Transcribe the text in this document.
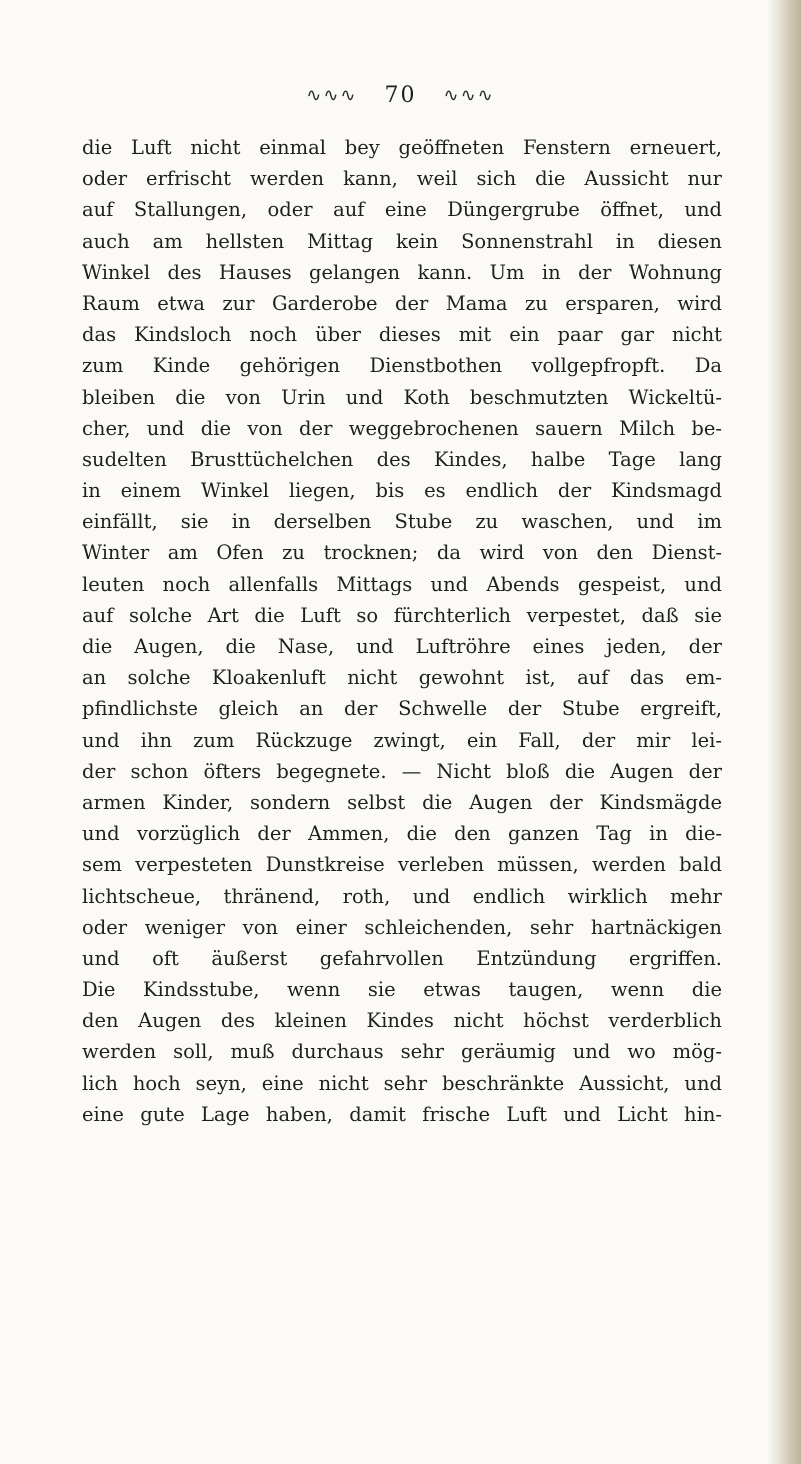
∿∿∿ 70 ∿∿∿
die Luft nicht einmal bey geöffneten Fenstern erneuert,
oder erfrischt werden kann, weil sich die Aussicht nur
auf Stallungen, oder auf eine Düngergrube öffnet, und
auch am hellsten Mittag kein Sonnenstrahl in diesen
Winkel des Hauses gelangen kann. Um in der Wohnung
Raum etwa zur Garderobe der Mama zu ersparen, wird
das Kindsloch noch über dieses mit ein paar gar nicht
zum Kinde gehörigen Dienstbothen vollgepfropft. Da
bleiben die von Urin und Koth beschmutzten Wickeltü-
cher, und die von der weggebrochenen sauern Milch be-
sudelten Brusttüchelchen des Kindes, halbe Tage lang
in einem Winkel liegen, bis es endlich der Kindsmagd
einfällt, sie in derselben Stube zu waschen, und im
Winter am Ofen zu trocknen; da wird von den Dienst-
leuten noch allenfalls Mittags und Abends gespeist, und
auf solche Art die Luft so fürchterlich verpestet, daß sie
die Augen, die Nase, und Luftröhre eines jeden, der
an solche Kloakenluft nicht gewohnt ist, auf das em-
pfindlichste gleich an der Schwelle der Stube ergreift,
und ihn zum Rückzuge zwingt, ein Fall, der mir lei-
der schon öfters begegnete. — Nicht bloß die Augen der
armen Kinder, sondern selbst die Augen der Kindsmägde
und vorzüglich der Ammen, die den ganzen Tag in die-
sem verpesteten Dunstkreise verleben müssen, werden bald
lichtscheue, thränend, roth, und endlich wirklich mehr
oder weniger von einer schleichenden, sehr hartnäckigen
und oft äußerst gefahrvollen Entzündung ergriffen.
Die Kindsstube, wenn sie etwas taugen, wenn die
den Augen des kleinen Kindes nicht höchst verderblich
werden soll, muß durchaus sehr geräumig und wo mög-
lich hoch seyn, eine nicht sehr beschränkte Aussicht, und
eine gute Lage haben, damit frische Luft und Licht hin-
